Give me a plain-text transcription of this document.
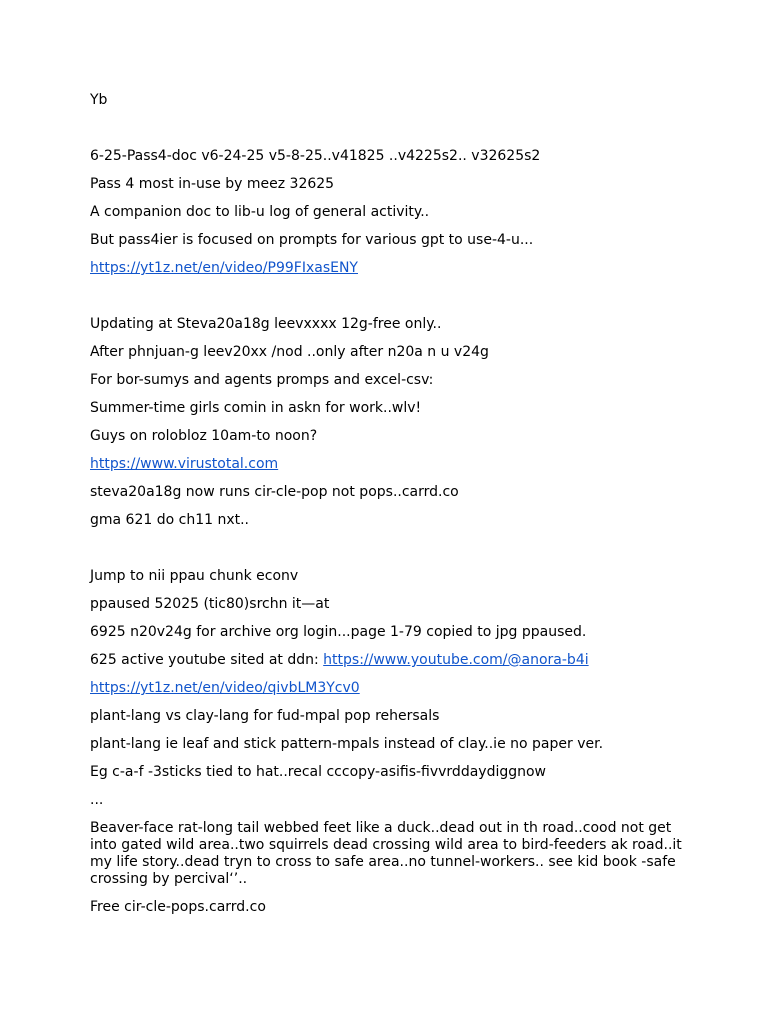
Yb

6-25-Pass4-doc v6-24-25 v5-8-25..v41825 ..v4225s2.. v32625s2

Pass 4 most in-use by meez 32625

A companion doc to lib-u log of general activity..

But pass4ier is focused on prompts for various gpt to use-4-u...

https://yt1z.net/en/video/P99FIxasENY

Updating at Steva20a18g leevxxxx 12g-free only..

After phnjuan-g leev20xx /nod ..only after n20a n u v24g

For bor-sumys and agents promps and excel-csv:

Summer-time girls comin in askn for work..wlv!

Guys on rolobloz 10am-to noon?

https://www.virustotal.com

steva20a18g now runs cir-cle-pop not pops..carrd.co

gma 621 do ch11 nxt..

Jump to nii ppau chunk econv

ppaused 52025 (tic80)srchn it—at

6925 n20v24g for archive org login...page 1-79 copied to jpg ppaused.

625 active youtube sited at ddn: https://www.youtube.com/@anora-b4i

https://yt1z.net/en/video/qivbLM3Ycv0

plant-lang vs clay-lang for fud-mpal pop rehersals

plant-lang ie leaf and stick pattern-mpals instead of clay..ie no paper ver.

Eg c-a-f -3sticks tied to hat..recal cccopy-asifis-fivvrddaydiggnow

...

Beaver-face rat-long tail webbed feet like a duck..dead out in th road..cood not get into gated wild area..two squirrels dead crossing wild area to bird-feeders ak road..it my life story..dead tryn to cross to safe area..no tunnel-workers.. see kid book -safe crossing by percival‘’..

Free cir-cle-pops.carrd.co
